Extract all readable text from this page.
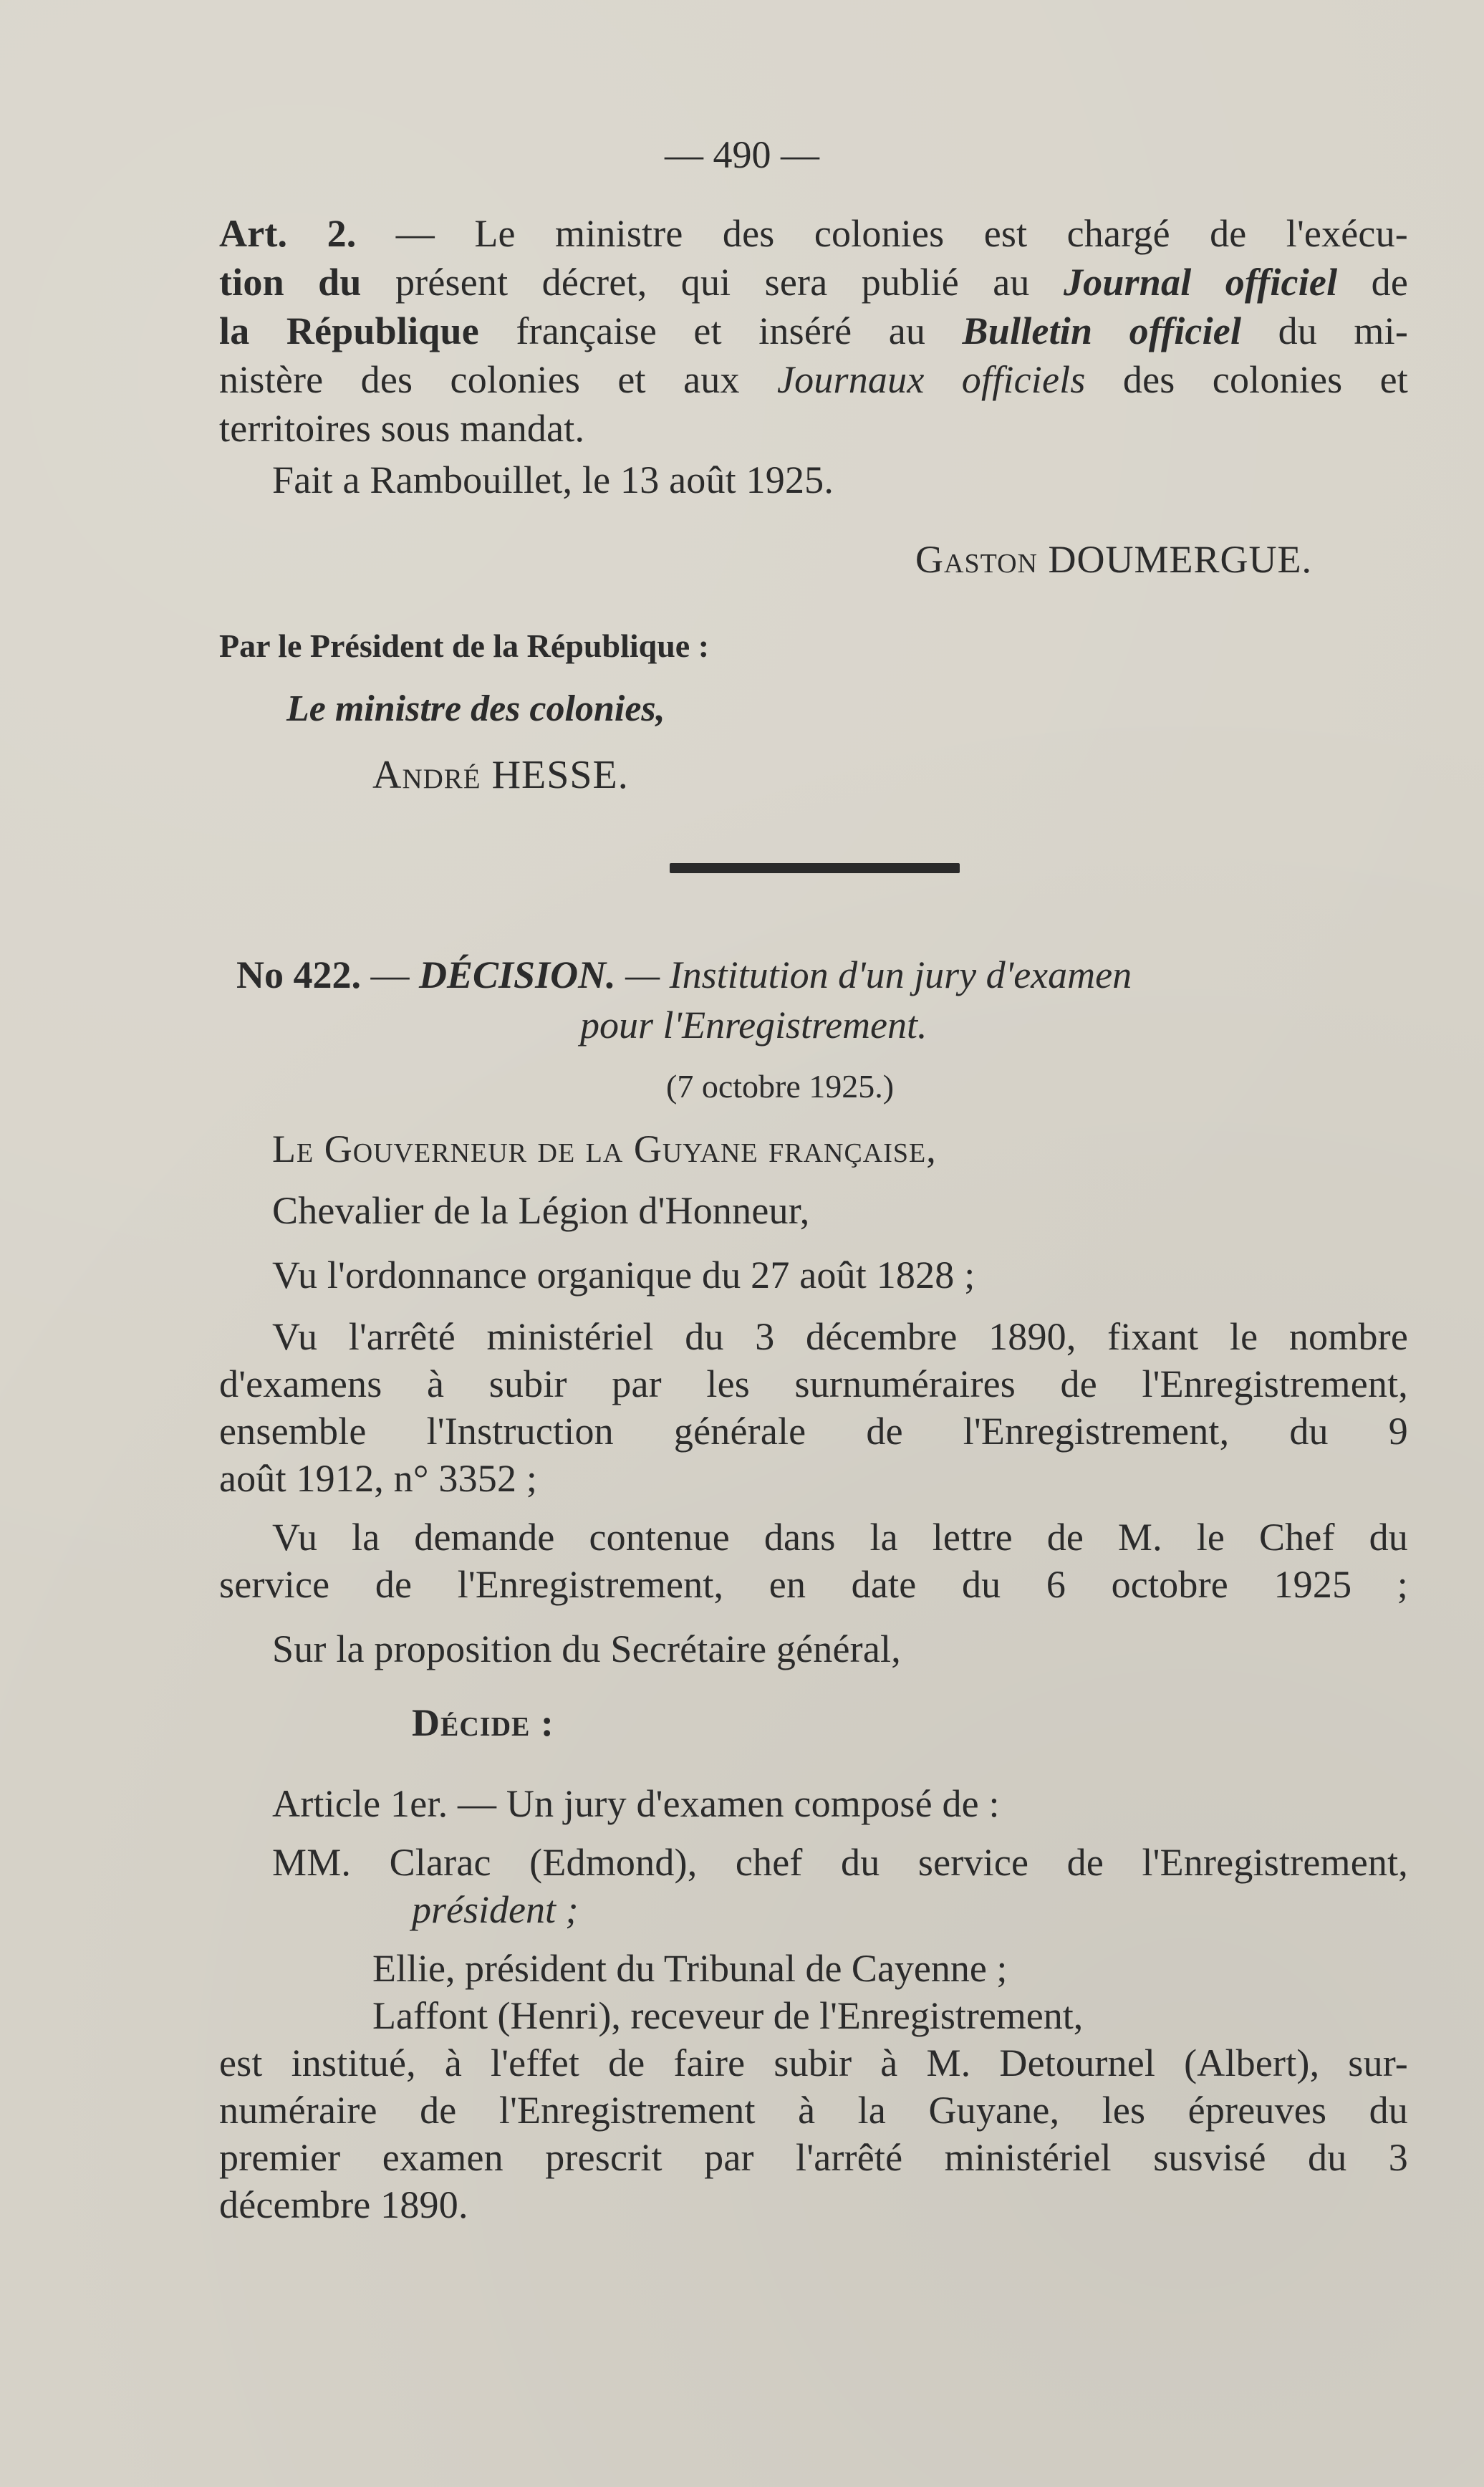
— 490 —
Art. 2. — Le ministre des colonies est chargé de l'exécu-
tion du présent décret, qui sera publié au Journal officiel de
la République française et inséré au Bulletin officiel du mi-
nistère des colonies et aux Journaux officiels des colonies et
territoires sous mandat.
Fait a Rambouillet, le 13 août 1925.
Gaston DOUMERGUE.
Par le Président de la République :
Le ministre des colonies,
André HESSE.
No 422. — DÉCISION. — Institution d'un jury d'examen
pour l'Enregistrement.
(7 octobre 1925.)
Le Gouverneur de la Guyane française,
Chevalier de la Légion d'Honneur,
Vu l'ordonnance organique du 27 août 1828 ;
Vu l'arrêté ministériel du 3 décembre 1890, fixant le nombre
d'examens à subir par les surnuméraires de l'Enregistrement,
ensemble l'Instruction générale de l'Enregistrement, du 9
août 1912, n° 3352 ;
Vu la demande contenue dans la lettre de M. le Chef du
service de l'Enregistrement, en date du 6 octobre 1925 ;
Sur la proposition du Secrétaire général,
Décide :
Article 1er. — Un jury d'examen composé de :
MM. Clarac (Edmond), chef du service de l'Enregistrement,
président ;
Ellie, président du Tribunal de Cayenne ;
Laffont (Henri), receveur de l'Enregistrement,
est institué, à l'effet de faire subir à M. Detournel (Albert), sur-
numéraire de l'Enregistrement à la Guyane, les épreuves du
premier examen prescrit par l'arrêté ministériel susvisé du 3
décembre 1890.
